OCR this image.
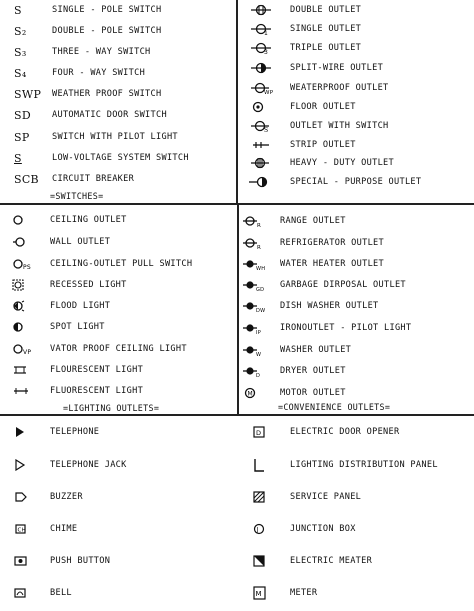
S	SINGLE - POLE SWITCH
S₂	DOUBLE - POLE SWITCH
S₃	THREE - WAY SWITCH
S₄	FOUR - WAY SWITCH
SWP	WEATHER PROOF SWITCH
SD	AUTOMATIC DOOR SWITCH
SP	SWITCH WITH PILOT LIGHT
S	LOW-VOLTAGE SYSTEM SWITCH
SCB	CIRCUIT BREAKER
=SWITCHES=
DOUBLE OUTLET
1	SINGLE OUTLET
3	TRIPLE OUTLET
SPLIT-WIRE OUTLET
WP WEATERPROOF OUTLET
FLOOR OUTLET
S	OUTLET WITH SWITCH
STRIP OUTLET
HEAVY - DUTY OUTLET
SPECIAL - PURPOSE OUTLET
CEILING OUTLET
WALL OUTLET
PS CEILING-OUTLET PULL SWITCH
RECESSED LIGHT
FLOOD LIGHT
SPOT LIGHT
VP VATOR PROOF CEILING LIGHT
FLOURESCENT LIGHT
FLUORESCENT LIGHT
=LIGHTING OUTLETS=
R RANGE OUTLET
R REFRIGERATOR OUTLET
WH WATER HEATER OUTLET
GD GARBAGE DIRPOSAL OUTLET
DW DISH WASHER OUTLET
IP IRONOUTLET - PILOT LIGHT
W WASHER OUTLET
D DRYER OUTLET
M	MOTOR OUTLET
=CONVENIENCE OUTLETS=
TELEPHONE
TELEPHONE JACK
BUZZER
CH	CHIME
PUSH BUTTON
BELL
D	ELECTRIC DOOR OPENER
LIGHTING DISTRIBUTION PANEL
SERVICE PANEL
J	JUNCTION BOX
ELECTRIC MEATER
M	METER
